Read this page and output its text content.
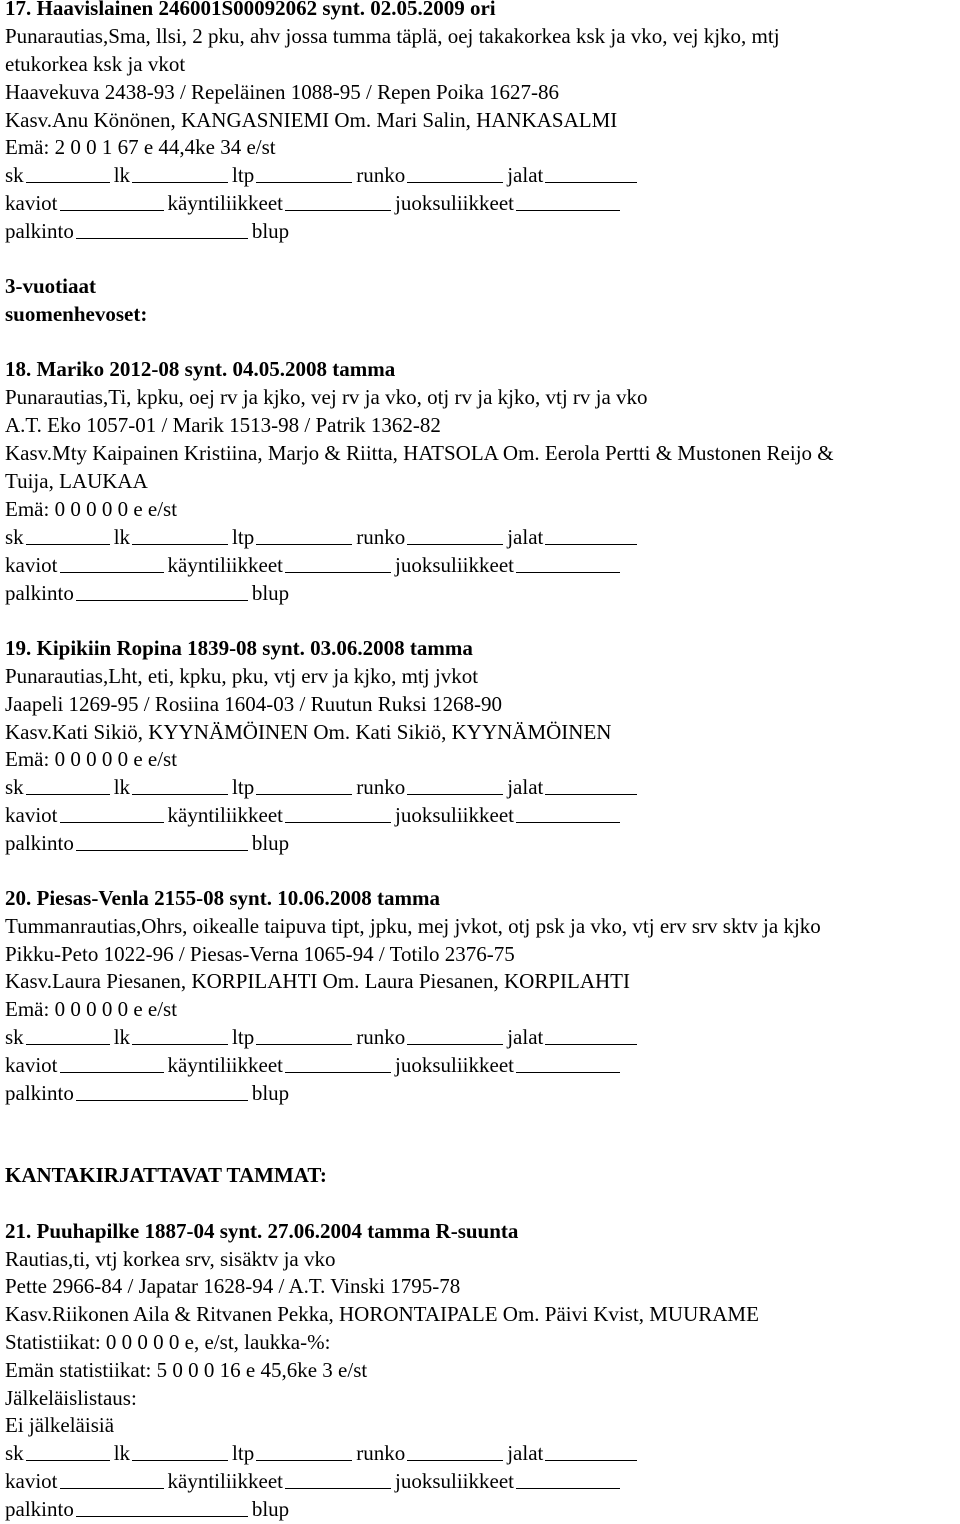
17. Haavislainen 246001S00092062 synt. 02.05.2009 ori
Punarautias,Sma, llsi, 2 pku, ahv jossa tumma täplä, oej takakorkea ksk ja vko, vej kjko, mtj
etukorkea ksk ja vkot
Haavekuva 2438-93 / Repeläinen 1088-95 / Repen Poika 1627-86
Kasv.Anu Könönen, KANGASNIEMI Om. Mari Salin, HANKASALMI
Emä: 2 0 0 1 67 e 44,4ke 34 e/st
sk	lk	ltp	runko	jalat
kaviot	käyntiliikkeet	juoksuliikkeet
palkinto	blup
3-vuotiaat
suomenhevoset:
18. Mariko 2012-08 synt. 04.05.2008 tamma
Punarautias,Ti, kpku, oej rv ja kjko, vej rv ja vko, otj rv ja kjko, vtj rv ja vko
A.T. Eko 1057-01 / Marik 1513-98 / Patrik 1362-82
Kasv.Mty Kaipainen Kristiina, Marjo & Riitta, HATSOLA Om. Eerola Pertti & Mustonen Reijo &
Tuija, LAUKAA
Emä: 0 0 0 0 0 e e/st
sk	lk	ltp	runko	jalat
kaviot	käyntiliikkeet	juoksuliikkeet
palkinto	blup
19. Kipikiin Ropina 1839-08 synt. 03.06.2008 tamma
Punarautias,Lht, eti, kpku, pku, vtj erv ja kjko, mtj jvkot
Jaapeli 1269-95 / Rosiina 1604-03 / Ruutun Ruksi 1268-90
Kasv.Kati Sikiö, KYYNÄMÖINEN Om. Kati Sikiö, KYYNÄMÖINEN
Emä: 0 0 0 0 0 e e/st
sk	lk	ltp	runko	jalat
kaviot	käyntiliikkeet	juoksuliikkeet
palkinto	blup
20. Piesas-Venla 2155-08 synt. 10.06.2008 tamma
Tummanrautias,Ohrs, oikealle taipuva tipt, jpku, mej jvkot, otj psk ja vko, vtj erv srv sktv ja kjko
Pikku-Peto 1022-96 / Piesas-Verna 1065-94 / Totilo 2376-75
Kasv.Laura Piesanen, KORPILAHTI Om. Laura Piesanen, KORPILAHTI
Emä: 0 0 0 0 0 e e/st
sk	lk	ltp	runko	jalat
kaviot	käyntiliikkeet	juoksuliikkeet
palkinto	blup
KANTAKIRJATTAVAT TAMMAT:
21. Puuhapilke 1887-04 synt. 27.06.2004 tamma R-suunta
Rautias,ti, vtj korkea srv, sisäktv ja vko
Pette 2966-84 / Japatar 1628-94 / A.T. Vinski 1795-78
Kasv.Riikonen Aila & Ritvanen Pekka, HORONTAIPALE Om. Päivi Kvist, MUURAME
Statistiikat: 0 0 0 0 0 e, e/st, laukka-%:
Emän statistiikat: 5 0 0 0 16 e 45,6ke 3 e/st
Jälkeläislistaus:
Ei jälkeläisiä
sk	lk	ltp	runko	jalat
kaviot	käyntiliikkeet	juoksuliikkeet
palkinto	blup
